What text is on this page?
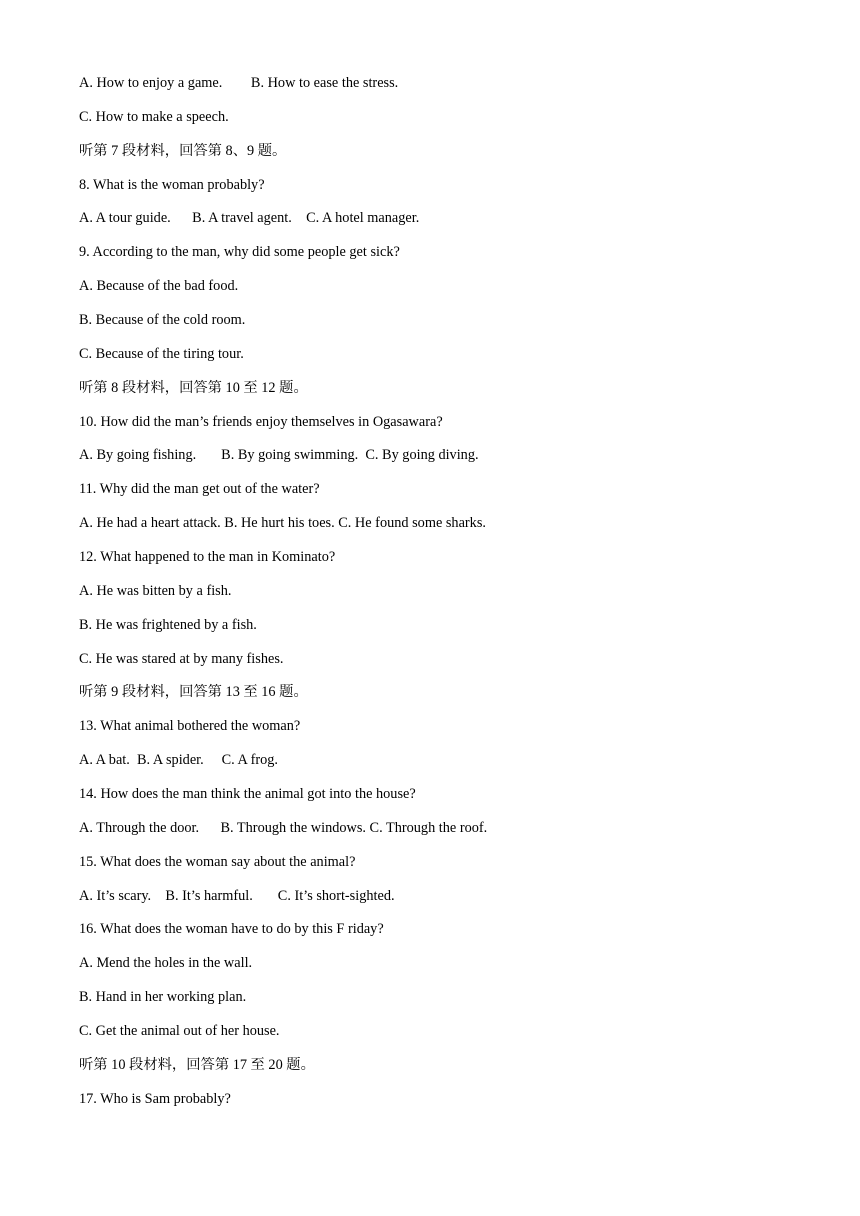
A. How to enjoy a game.        B. How to ease the stress.
C. How to make a speech.
听第 7 段材料，回答第 8、9 题。
8. What is the woman probably?
A. A tour guide.      B. A travel agent.    C. A hotel manager.
9. According to the man, why did some people get sick?
A. Because of the bad food.
B. Because of the cold room.
C. Because of the tiring tour.
听第 8 段材料，回答第 10 至 12 题。
10. How did the man’s friends enjoy themselves in Ogasawara?
A. By going fishing.       B. By going swimming.  C. By going diving.
11. Why did the man get out of the water?
A. He had a heart attack. B. He hurt his toes. C. He found some sharks.
12. What happened to the man in Kominato?
A. He was bitten by a fish.
B. He was frightened by a fish.
C. He was stared at by many fishes.
听第 9 段材料，回答第 13 至 16 题。
13. What animal bothered the woman?
A. A bat.  B. A spider.     C. A frog.
14. How does the man think the animal got into the house?
A. Through the door.      B. Through the windows. C. Through the roof.
15. What does the woman say about the animal?
A. It’s scary.    B. It’s harmful.       C. It’s short-sighted.
16. What does the woman have to do by this F riday?
A. Mend the holes in the wall.
B. Hand in her working plan.
C. Get the animal out of her house.
听第 10 段材料，回答第 17 至 20 题。
17. Who is Sam probably?
